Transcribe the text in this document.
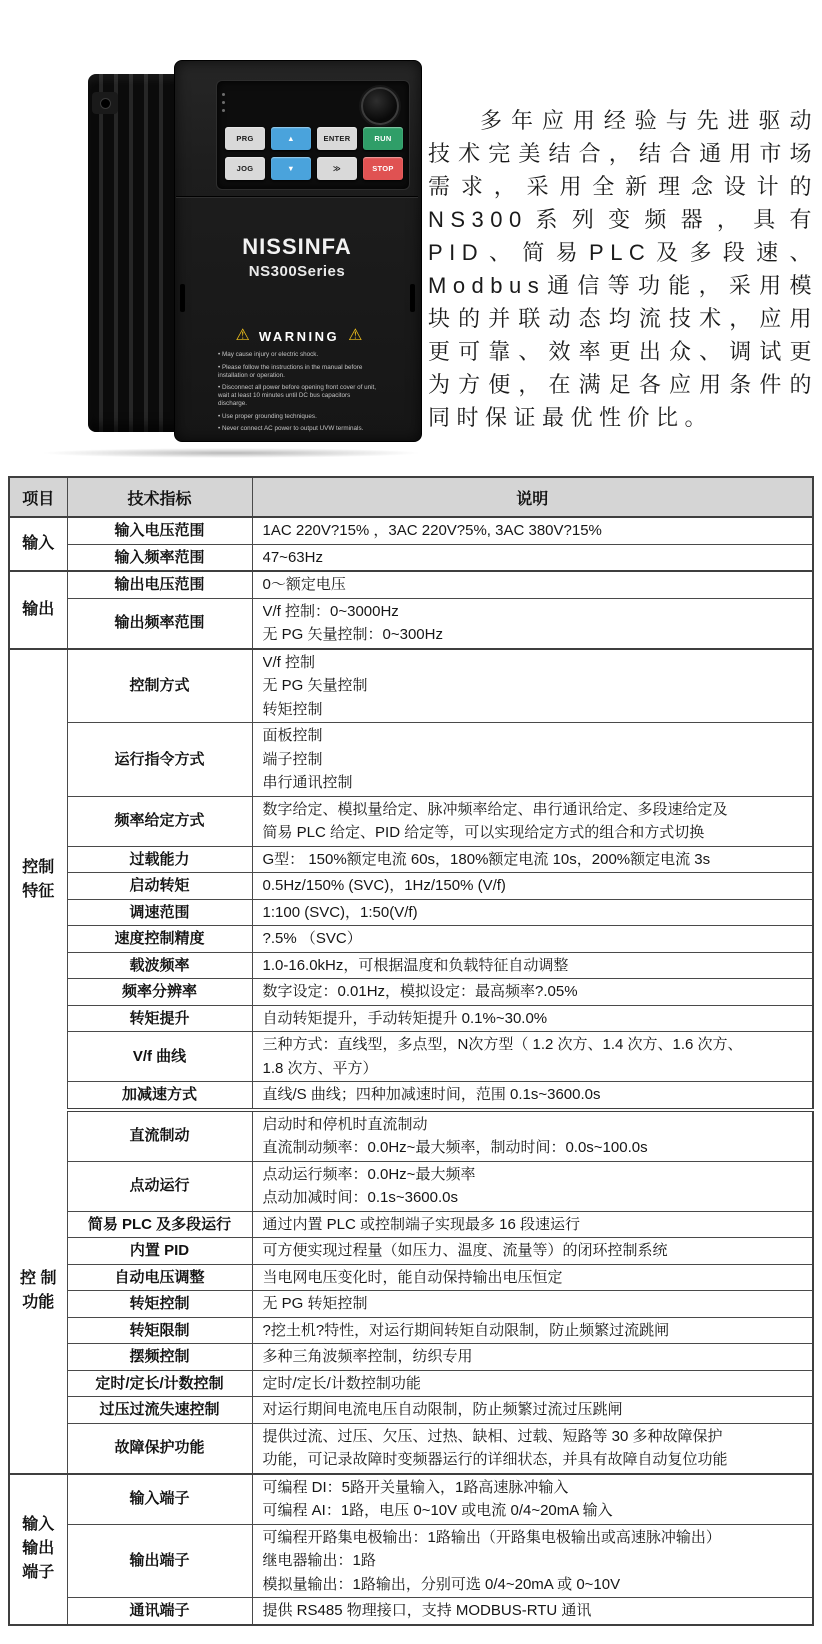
PRG	▲	ENTER	RUN
JOG	▼	≫	STOP
NISSINFA
NS300Series
⚠ WARNING ⚠
• May cause injury or electric shock.
• Please follow the instructions in the manual before installation or operation.
• Disconnect all power before opening front cover of unit, wait at least 10 minutes until DC bus capacitors discharge.
• Use proper grounding techniques.
• Never connect AC power to output UVW terminals.

多年应用经验与先进驱动技术完美结合，结合通用市场需求，采用全新理念设计的NS300系列变频器，具有PID、简易PLC及多段速、Modbus通信等功能，采用模块的并联动态均流技术，应用更可靠、效率更出众、调试更为方便，在满足各应用条件的同时保证最优性价比。

项目	技术指标	说明
输入	输入电压范围	1AC 220V?15% ，3AC 220V?5%, 3AC 380V?15%

	输入频率范围	47~63Hz

输出	输出电压范围	0～额定电压

	输出频率范围	V/f 控制：0~3000Hz
无 PG 矢量控制：0~300Hz

控制
特征	控制方式	
V/f 控制
无 PG 矢量控制
转矩控制

	运行指令方式	面板控制
端子控制
串行通讯控制

	频率给定方式	数字给定、模拟量给定、脉冲频率给定、串行通讯给定、多段速给定及
简易 PLC 给定、PID 给定等，可以实现给定方式的组合和方式切换

	过载能力	G型： 150%额定电流 60s，180%额定电流 10s，200%额定电流 3s

	启动转矩	0.5Hz/150% (SVC)，1Hz/150% (V/f)

	调速范围	1:100 (SVC)，1:50(V/f)

	速度控制精度	?.5% （SVC）

	载波频率	1.0-16.0kHz，可根据温度和负载特征自动调整

	频率分辨率	数字设定：0.01Hz，模拟设定：最高频率?.05%

	转矩提升	自动转矩提升，手动转矩提升 0.1%~30.0%

	V/f 曲线	三种方式：直线型，多点型，N次方型（ 1.2 次方、1.4 次方、1.6 次方、
1.8 次方、平方）

	加减速方式	直线/S 曲线；四种加减速时间，范围 0.1s~3600.0s

控 制
功能	直流制动	
启动时和停机时直流制动
直流制动频率：0.0Hz~最大频率，制动时间：0.0s~100.0s

	点动运行	点动运行频率：0.0Hz~最大频率
点动加减时间：0.1s~3600.0s

	简易 PLC 及多段运行	通过内置 PLC 或控制端子实现最多 16 段速运行

	内置 PID	可方便实现过程量（如压力、温度、流量等）的闭环控制系统

	自动电压调整	当电网电压变化时，能自动保持输出电压恒定

	转矩控制	无 PG 转矩控制

	转矩限制	?挖土机?特性，对运行期间转矩自动限制，防止频繁过流跳闸

	摆频控制	多种三角波频率控制，纺织专用

	定时/定长/计数控制	定时/定长/计数控制功能

	过压过流失速控制	对运行期间电流电压自动限制，防止频繁过流过压跳闸

	故障保护功能	提供过流、过压、欠压、过热、缺相、过载、短路等 30 多种故障保护
功能，可记录故障时变频器运行的详细状态，并具有故障自动复位功能

输入
输出
端子	输入端子	
可编程 DI：5路开关量输入，1路高速脉冲输入
可编程 AI：1路，电压 0~10V 或电流 0/4~20mA 输入

	输出端子	可编程开路集电极输出：1路输出（开路集电极输出或高速脉冲输出）
继电器输出：1路
模拟量输出：1路输出，分别可选 0/4~20mA 或 0~10V

	通讯端子	提供 RS485 物理接口，支持 MODBUS-RTU 通讯
